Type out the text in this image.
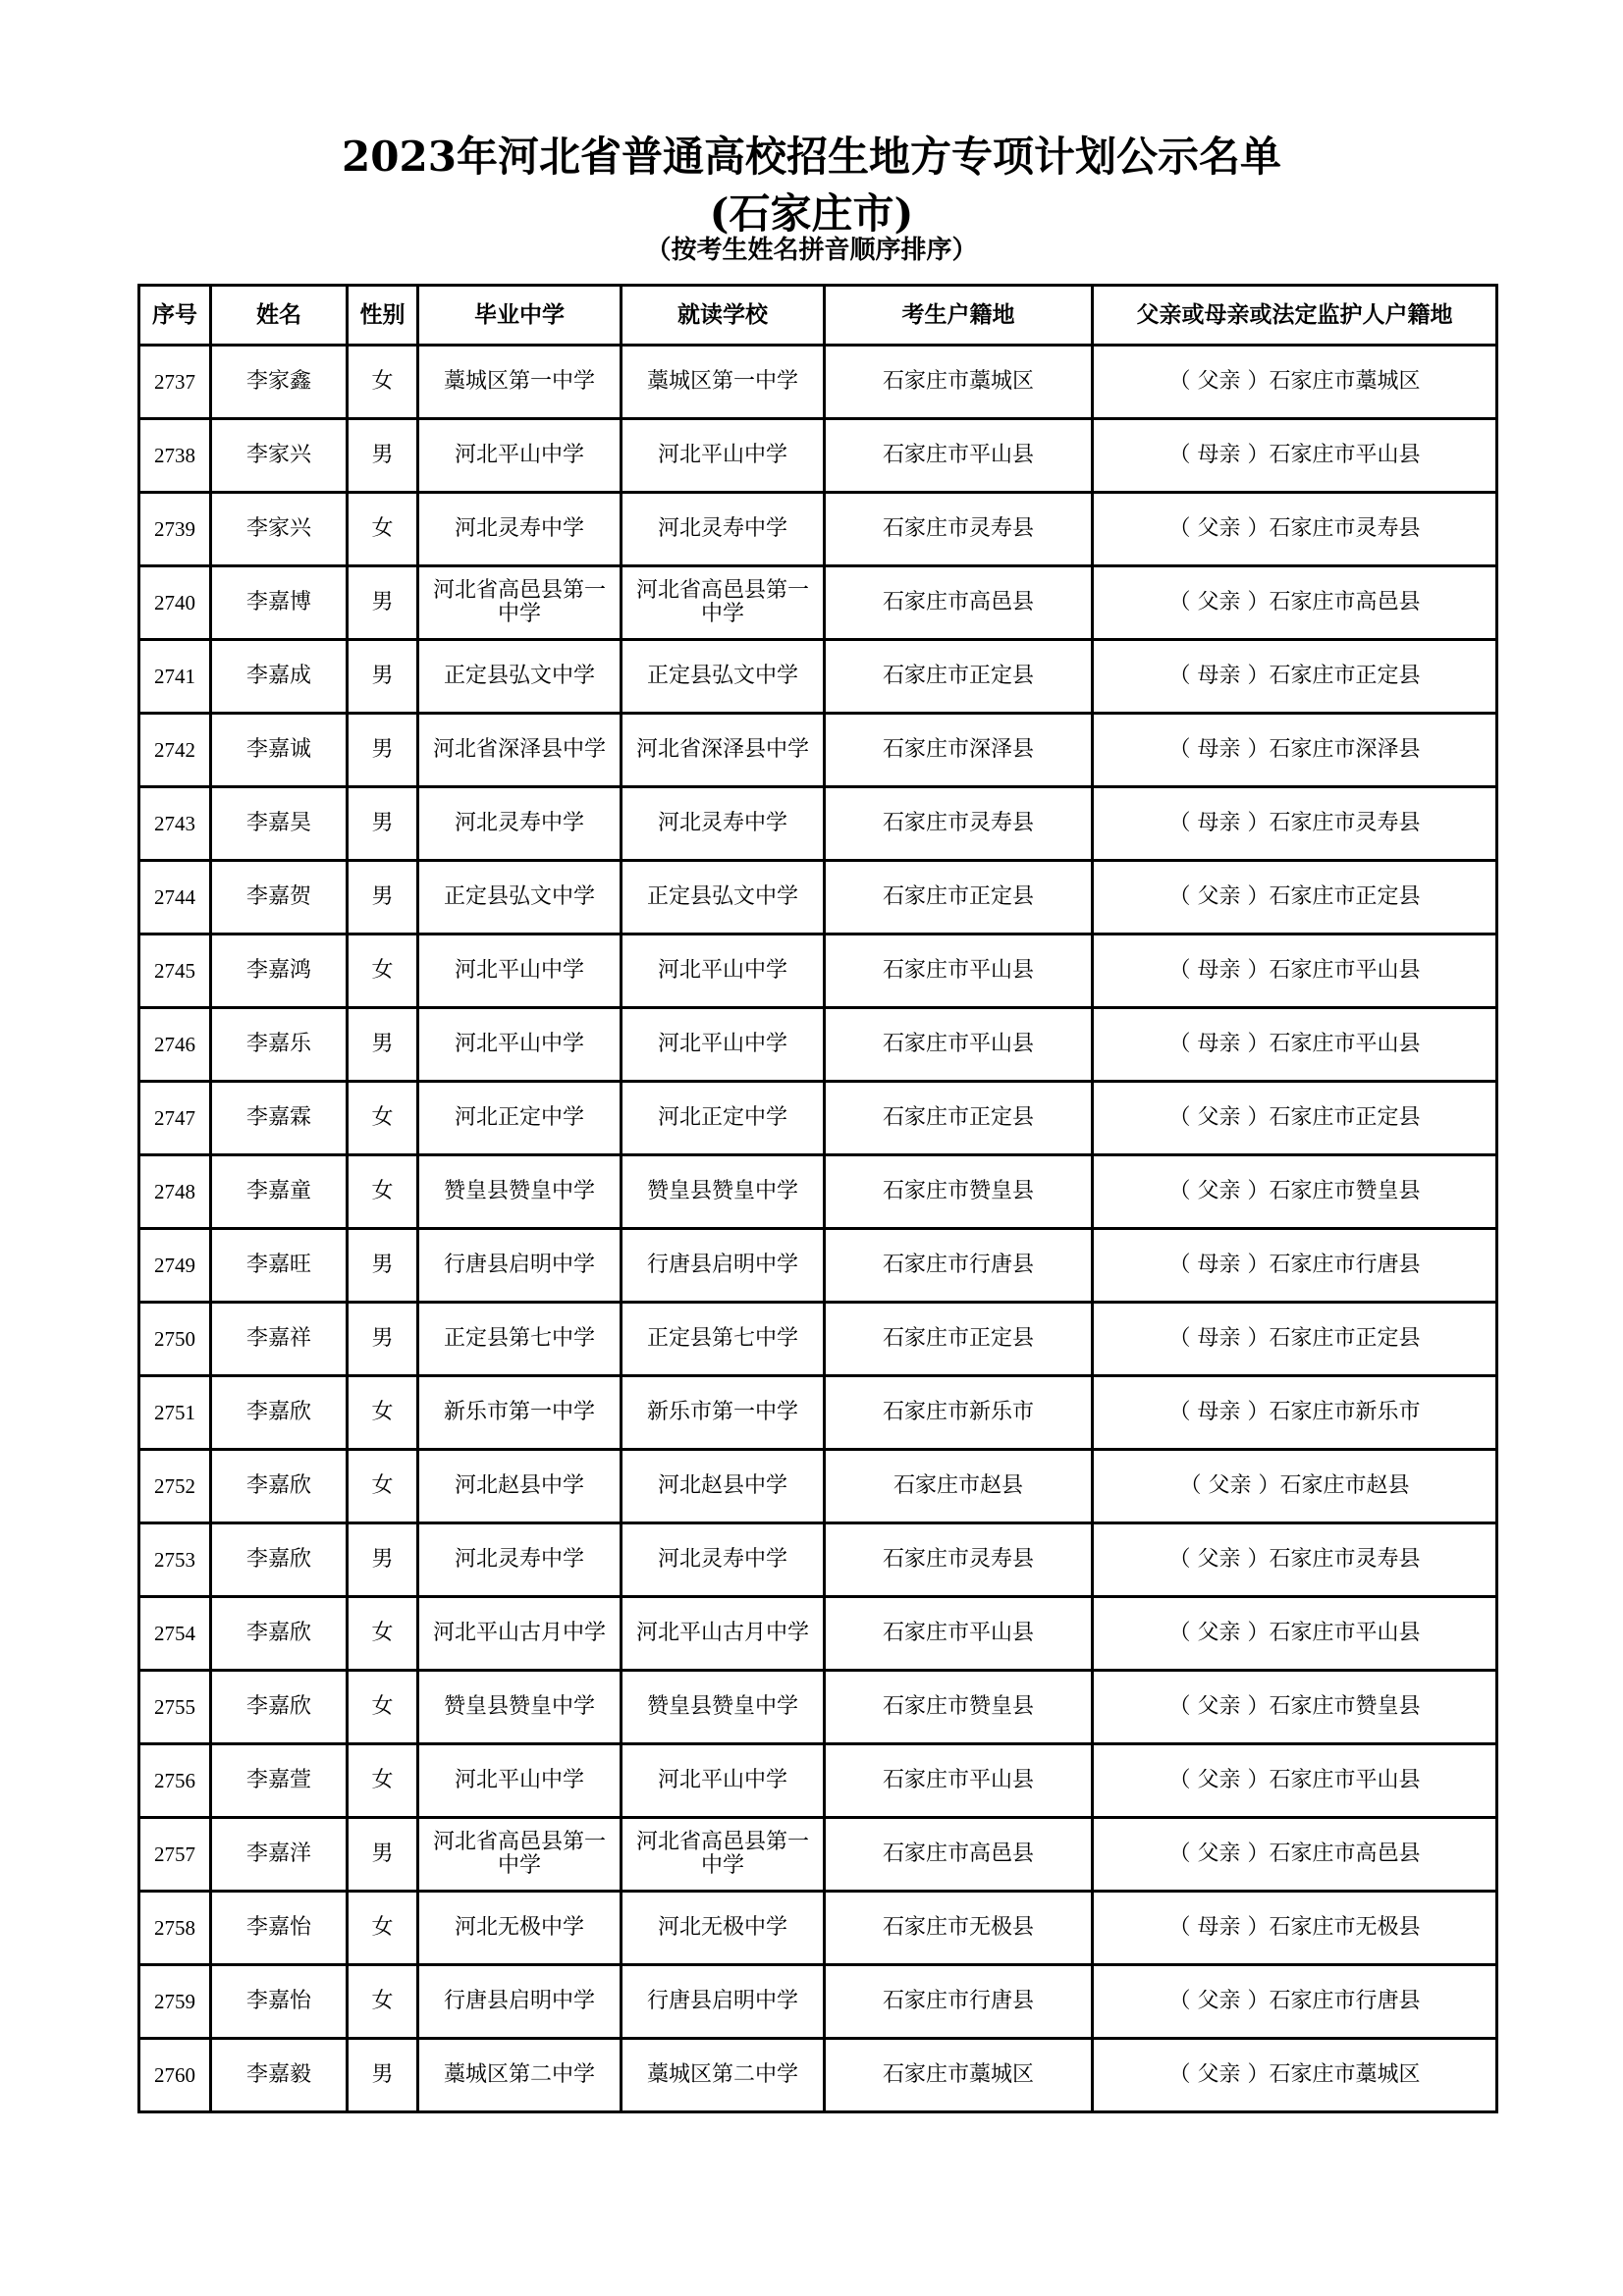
2023年河北省普通高校招生地方专项计划公示名单
(石家庄市)
（按考生姓名拼音顺序排序）
序号	姓名	性别	毕业中学	就读学校	考生户籍地	父亲或母亲或法定监护人户籍地
2737	李家鑫	女	藁城区第一中学	藁城区第一中学	石家庄市藁城区	（ 父亲 ）石家庄市藁城区
2738	李家兴	男	河北平山中学	河北平山中学	石家庄市平山县	（ 母亲 ）石家庄市平山县
2739	李家兴	女	河北灵寿中学	河北灵寿中学	石家庄市灵寿县	（ 父亲 ）石家庄市灵寿县
2740	李嘉博	男	河北省高邑县第一中学	河北省高邑县第一中学	石家庄市高邑县	（ 父亲 ）石家庄市高邑县
2741	李嘉成	男	正定县弘文中学	正定县弘文中学	石家庄市正定县	（ 母亲 ）石家庄市正定县
2742	李嘉诚	男	河北省深泽县中学	河北省深泽县中学	石家庄市深泽县	（ 母亲 ）石家庄市深泽县
2743	李嘉昊	男	河北灵寿中学	河北灵寿中学	石家庄市灵寿县	（ 母亲 ）石家庄市灵寿县
2744	李嘉贺	男	正定县弘文中学	正定县弘文中学	石家庄市正定县	（ 父亲 ）石家庄市正定县
2745	李嘉鸿	女	河北平山中学	河北平山中学	石家庄市平山县	（ 母亲 ）石家庄市平山县
2746	李嘉乐	男	河北平山中学	河北平山中学	石家庄市平山县	（ 母亲 ）石家庄市平山县
2747	李嘉霖	女	河北正定中学	河北正定中学	石家庄市正定县	（ 父亲 ）石家庄市正定县
2748	李嘉童	女	赞皇县赞皇中学	赞皇县赞皇中学	石家庄市赞皇县	（ 父亲 ）石家庄市赞皇县
2749	李嘉旺	男	行唐县启明中学	行唐县启明中学	石家庄市行唐县	（ 母亲 ）石家庄市行唐县
2750	李嘉祥	男	正定县第七中学	正定县第七中学	石家庄市正定县	（ 母亲 ）石家庄市正定县
2751	李嘉欣	女	新乐市第一中学	新乐市第一中学	石家庄市新乐市	（ 母亲 ）石家庄市新乐市
2752	李嘉欣	女	河北赵县中学	河北赵县中学	石家庄市赵县	（ 父亲 ）石家庄市赵县
2753	李嘉欣	男	河北灵寿中学	河北灵寿中学	石家庄市灵寿县	（ 父亲 ）石家庄市灵寿县
2754	李嘉欣	女	河北平山古月中学	河北平山古月中学	石家庄市平山县	（ 父亲 ）石家庄市平山县
2755	李嘉欣	女	赞皇县赞皇中学	赞皇县赞皇中学	石家庄市赞皇县	（ 父亲 ）石家庄市赞皇县
2756	李嘉萱	女	河北平山中学	河北平山中学	石家庄市平山县	（ 父亲 ）石家庄市平山县
2757	李嘉洋	男	河北省高邑县第一中学	河北省高邑县第一中学	石家庄市高邑县	（ 父亲 ）石家庄市高邑县
2758	李嘉怡	女	河北无极中学	河北无极中学	石家庄市无极县	（ 母亲 ）石家庄市无极县
2759	李嘉怡	女	行唐县启明中学	行唐县启明中学	石家庄市行唐县	（ 父亲 ）石家庄市行唐县
2760	李嘉毅	男	藁城区第二中学	藁城区第二中学	石家庄市藁城区	（ 父亲 ）石家庄市藁城区
